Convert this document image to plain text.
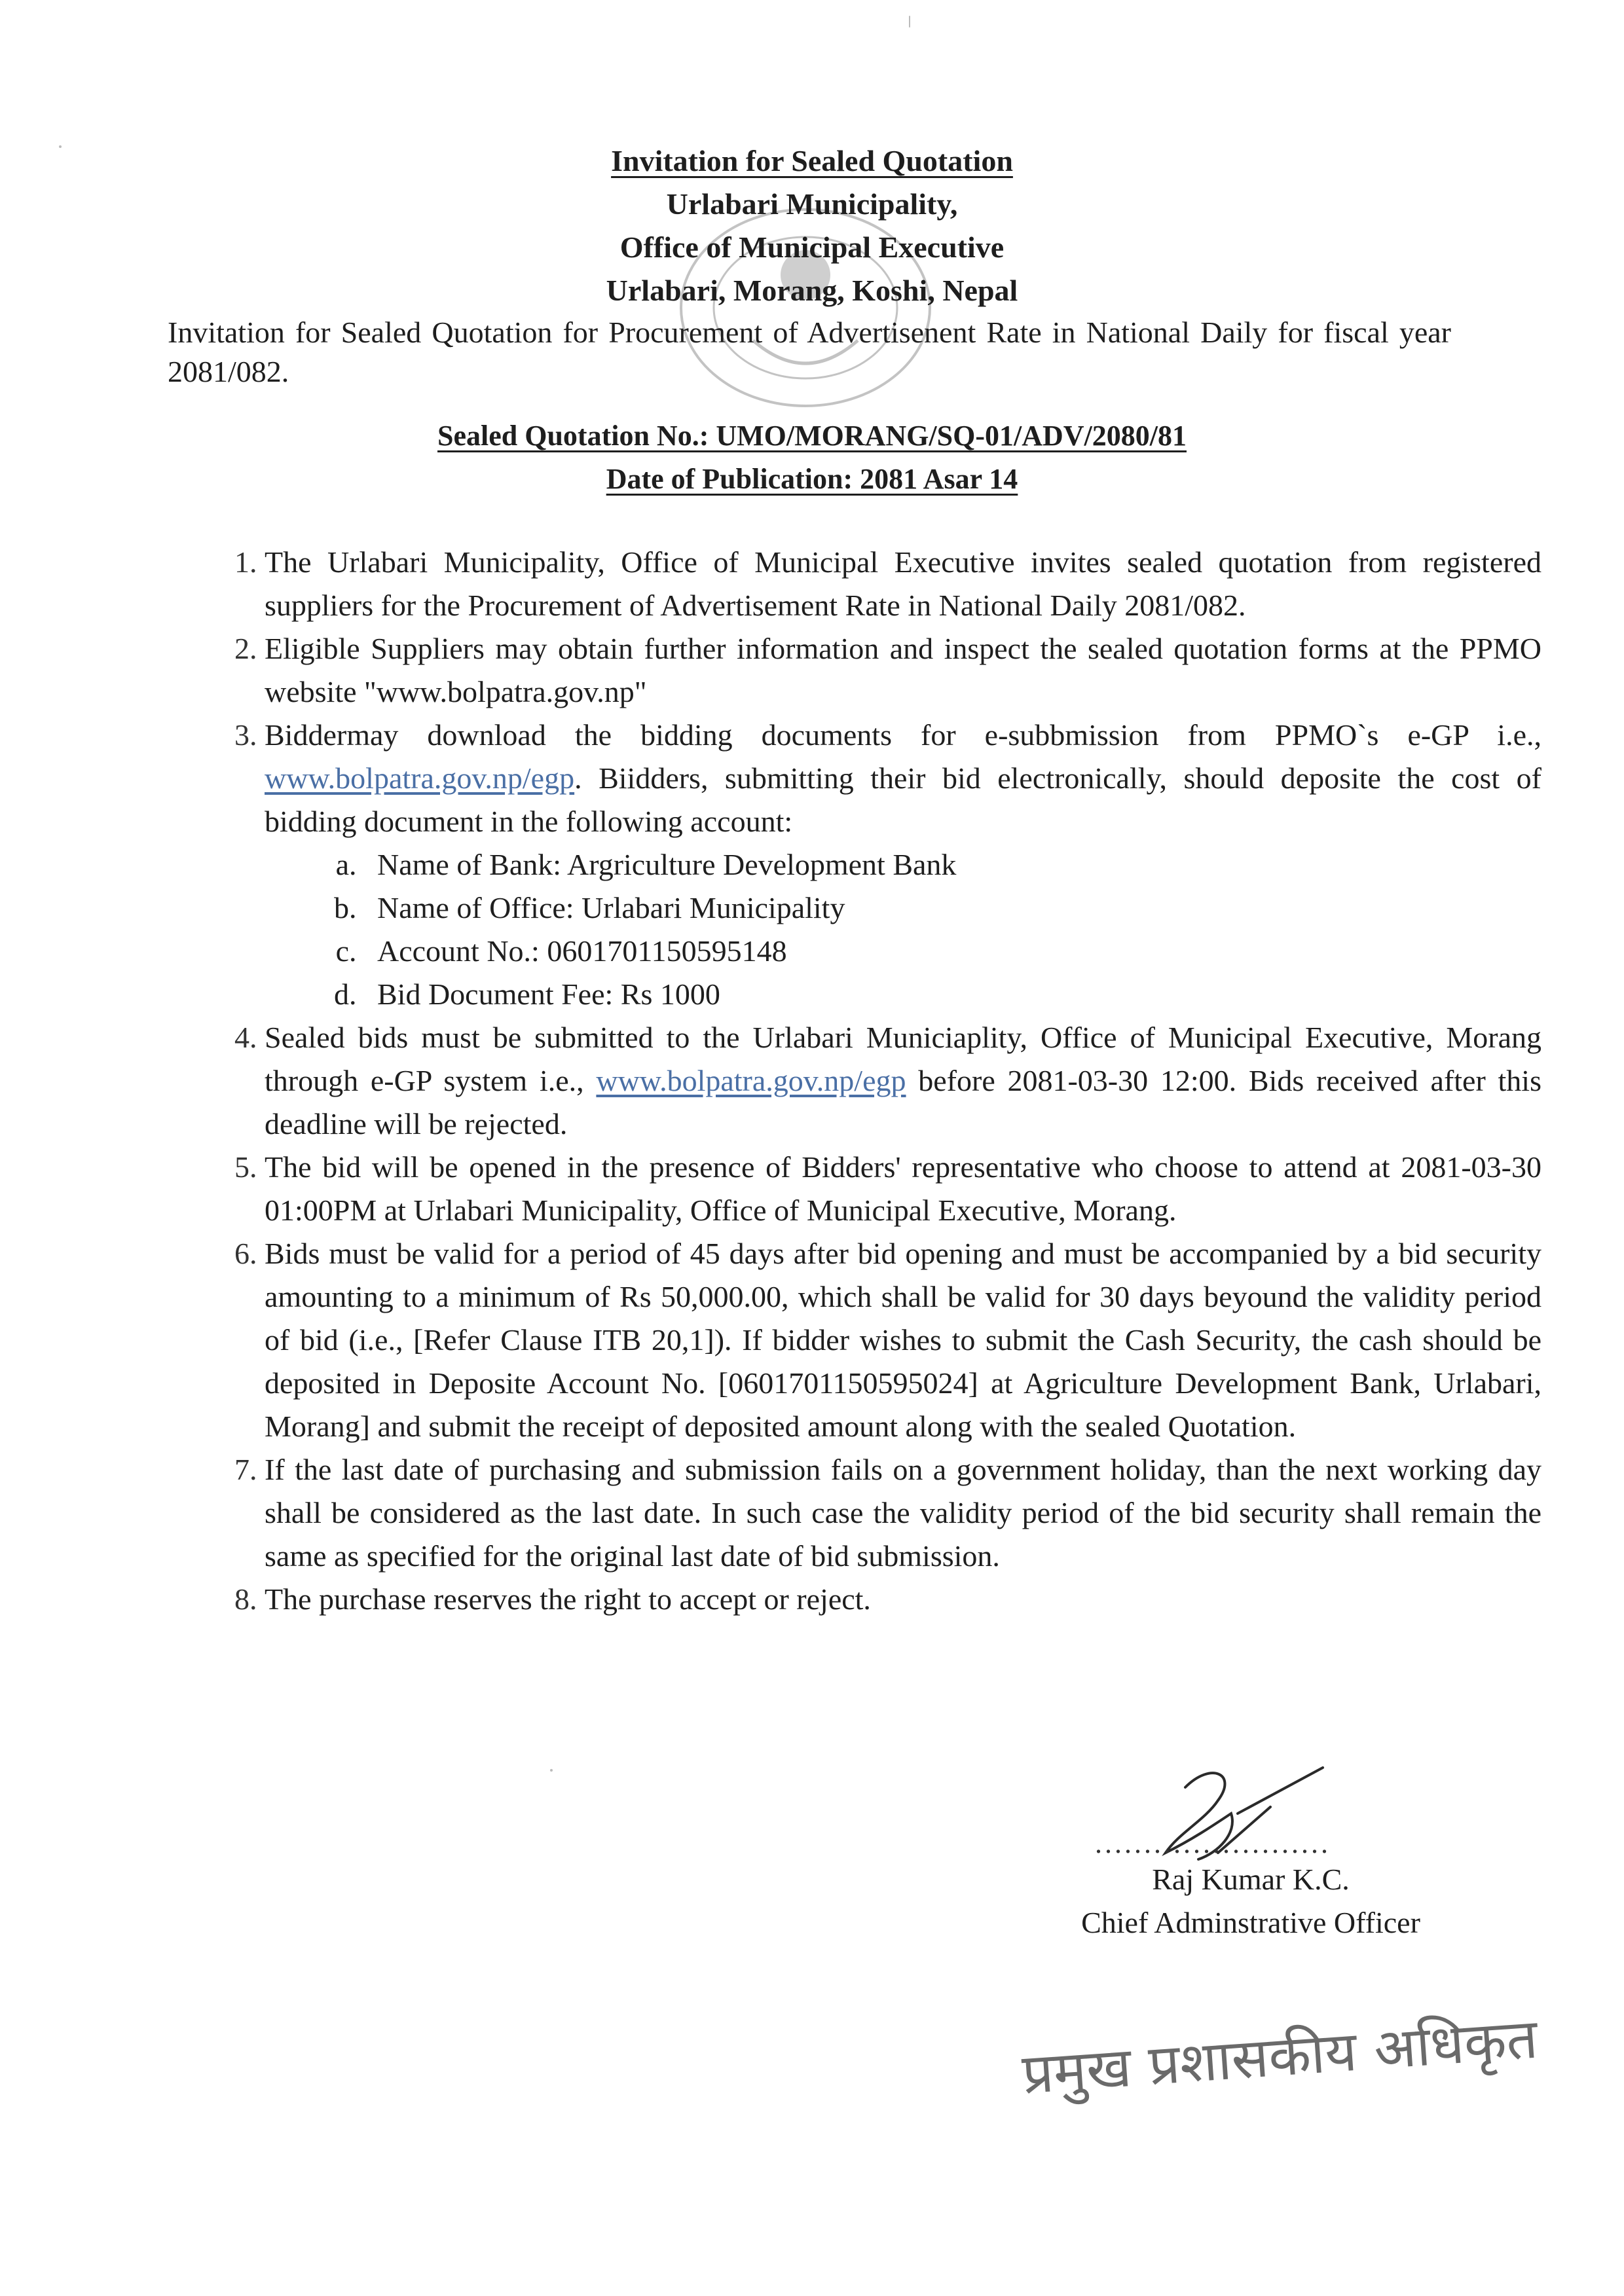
Invitation for Sealed Quotation
Urlabari Municipality,
Office of Municipal Executive
Urlabari, Morang, Koshi, Nepal
Invitation for Sealed Quotation for Procurement of Advertisenent Rate in National Daily for fiscal year 2081/082.
Sealed Quotation No.: UMO/MORANG/SQ-01/ADV/2080/81
Date of Publication: 2081 Asar 14
1. The Urlabari Municipality, Office of Municipal Executive invites sealed quotation from registered suppliers for the Procurement of Advertisement Rate in National Daily 2081/082.
2. Eligible Suppliers may obtain further information and inspect the sealed quotation forms at the PPMO website "www.bolpatra.gov.np"
3. Biddermay download the bidding documents for e-subbmission from PPMO`s e-GP i.e., www.bolpatra.gov.np/egp. Biidders, submitting their bid electronically, should deposite the cost of bidding document in the following account:
a. Name of Bank: Argriculture Development Bank
b. Name of Office: Urlabari Municipality
c. Account No.: 0601701150595148
d. Bid Document Fee: Rs 1000
4. Sealed bids must be submitted to the Urlabari Municiaplity, Office of Municipal Executive, Morang through e-GP system i.e., www.bolpatra.gov.np/egp before 2081-03-30 12:00. Bids received after this deadline will be rejected.
5. The bid will be opened in the presence of Bidders' representative who choose to attend at 2081-03-30 01:00PM at Urlabari Municipality, Office of Municipal Executive, Morang.
6. Bids must be valid for a period of 45 days after bid opening and must be accompanied by a bid security amounting to a minimum of Rs 50,000.00, which shall be valid for 30 days beyound the validity period of bid (i.e., [Refer Clause ITB 20,1]). If bidder wishes to submit the Cash Security, the cash should be deposited in Deposite Account No. [0601701150595024] at Agriculture Development Bank, Urlabari, Morang] and submit the receipt of deposited amount along with the sealed Quotation.
7. If the last date of purchasing and submission fails on a government holiday, than the next working day shall be considered as the last date. In such case the validity period of the bid security shall remain the same as specified for the original last date of bid submission.
8. The purchase reserves the right to accept or reject.
........................
Raj Kumar K.C.
Chief Adminstrative Officer
प्रमुख प्रशासकीय अधिकृत
